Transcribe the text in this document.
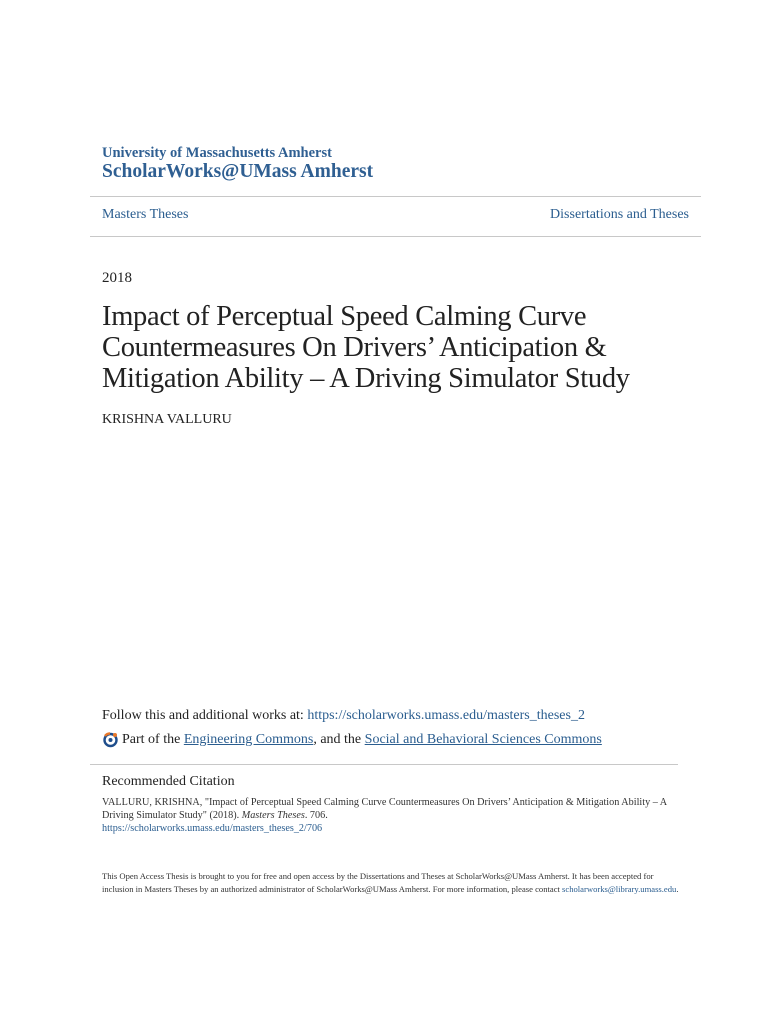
University of Massachusetts Amherst
ScholarWorks@UMass Amherst
Masters Theses	Dissertations and Theses
2018
Impact of Perceptual Speed Calming Curve
Countermeasures On Drivers’ Anticipation &
Mitigation Ability – A Driving Simulator Study
KRISHNA VALLURU
Follow this and additional works at: https://scholarworks.umass.edu/masters_theses_2
Part of the
Engineering Commons , and the
Social and Behavioral Sciences Commons
Recommended Citation
VALLURU, KRISHNA, "Impact of Perceptual Speed Calming Curve Countermeasures On Drivers’ Anticipation & Mitigation Ability – A Driving Simulator Study" (2018). Masters Theses. 706.
https://scholarworks.umass.edu/masters_theses_2/706
This Open Access Thesis is brought to you for free and open access by the Dissertations and Theses at ScholarWorks@UMass Amherst. It has been accepted for inclusion in Masters Theses by an authorized administrator of ScholarWorks@UMass Amherst. For more information, please contact scholarworks@library.umass.edu.
